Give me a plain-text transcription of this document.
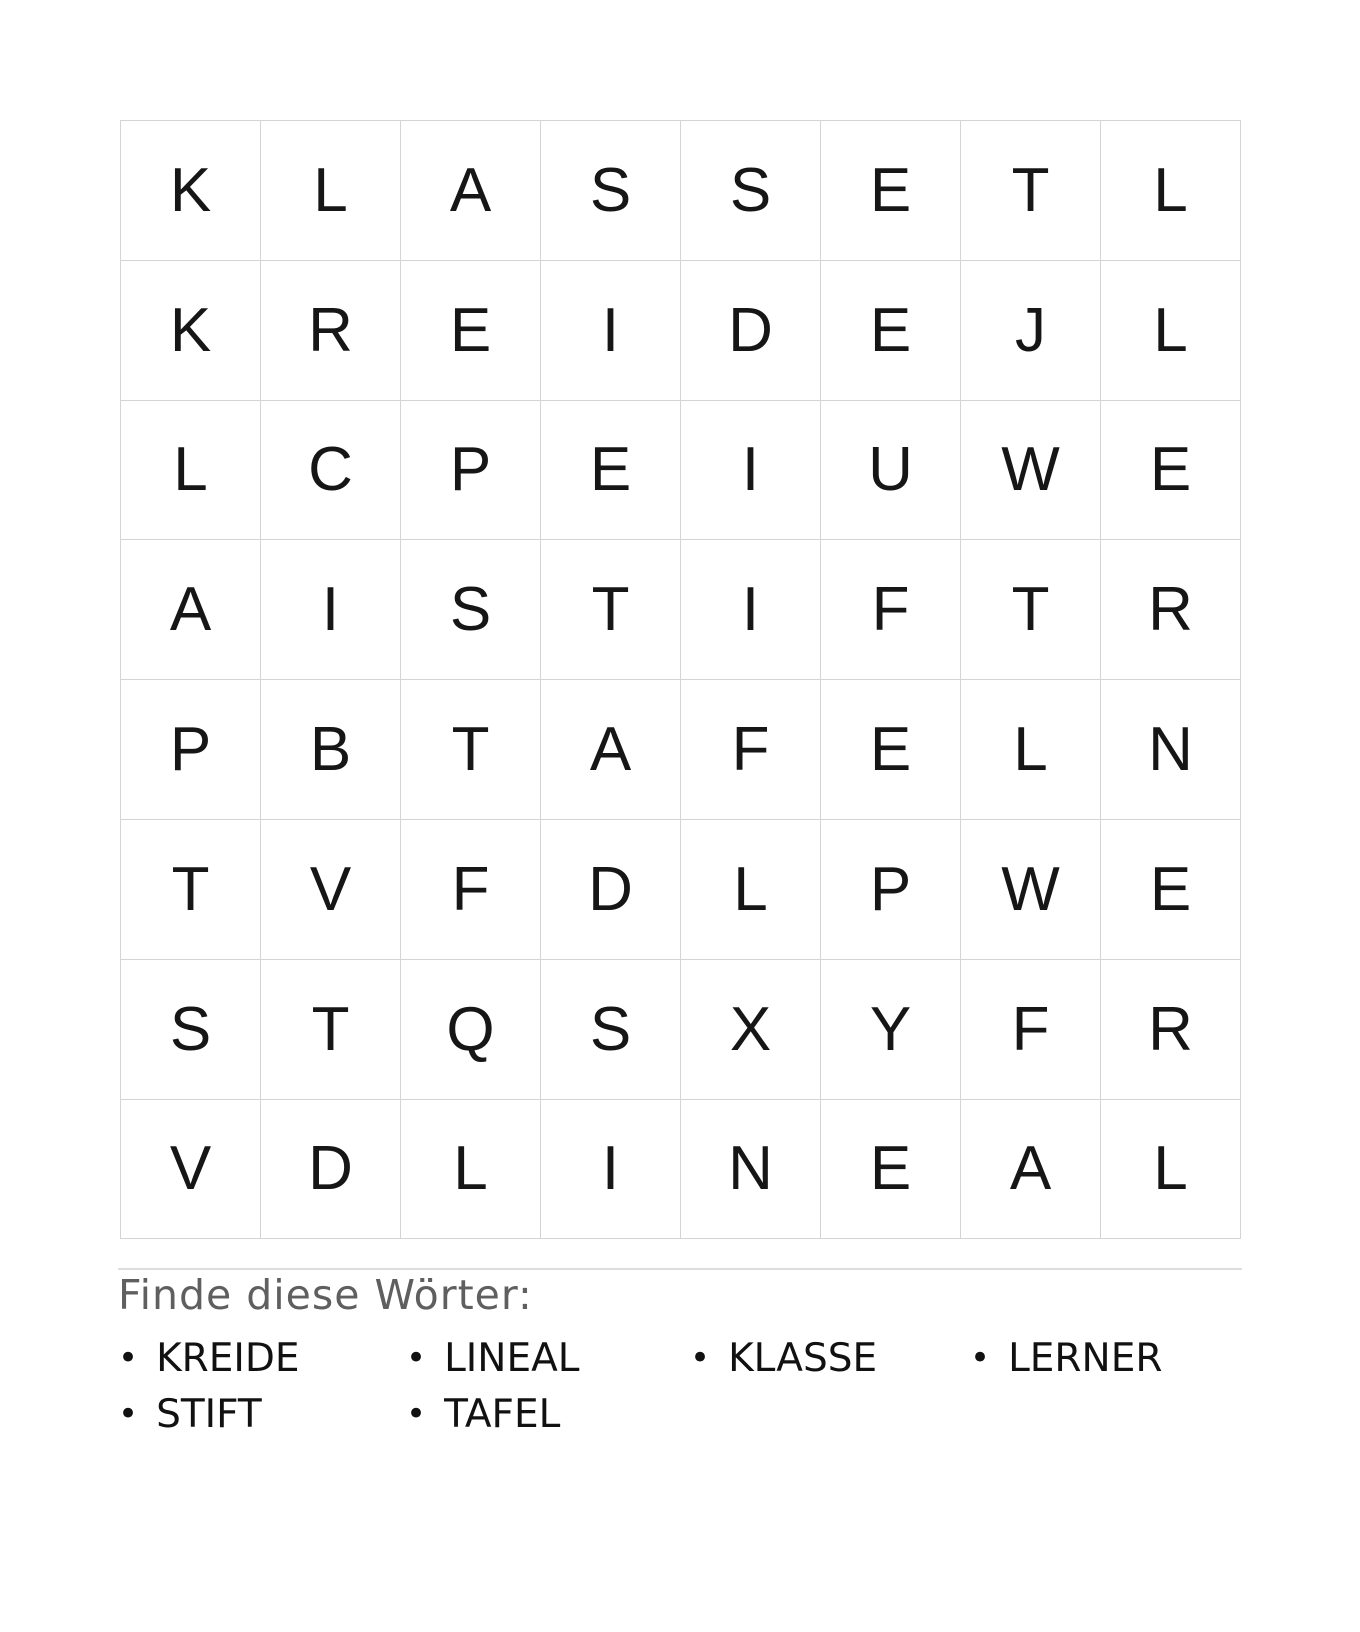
K	L	A	S	S	E	T	L
K	R	E	I	D	E	J	L
L	C	P	E	I	U	W	E
A	I	S	T	I	F	T	R
P	B	T	A	F	E	L	N
T	V	F	D	L	P	W	E
S	T	Q	S	X	Y	F	R
V	D	L	I	N	E	A	L
Finde diese Wörter:
• KREIDE	• LINEAL	• KLASSE	• LERNER
• STIFT	• TAFEL
